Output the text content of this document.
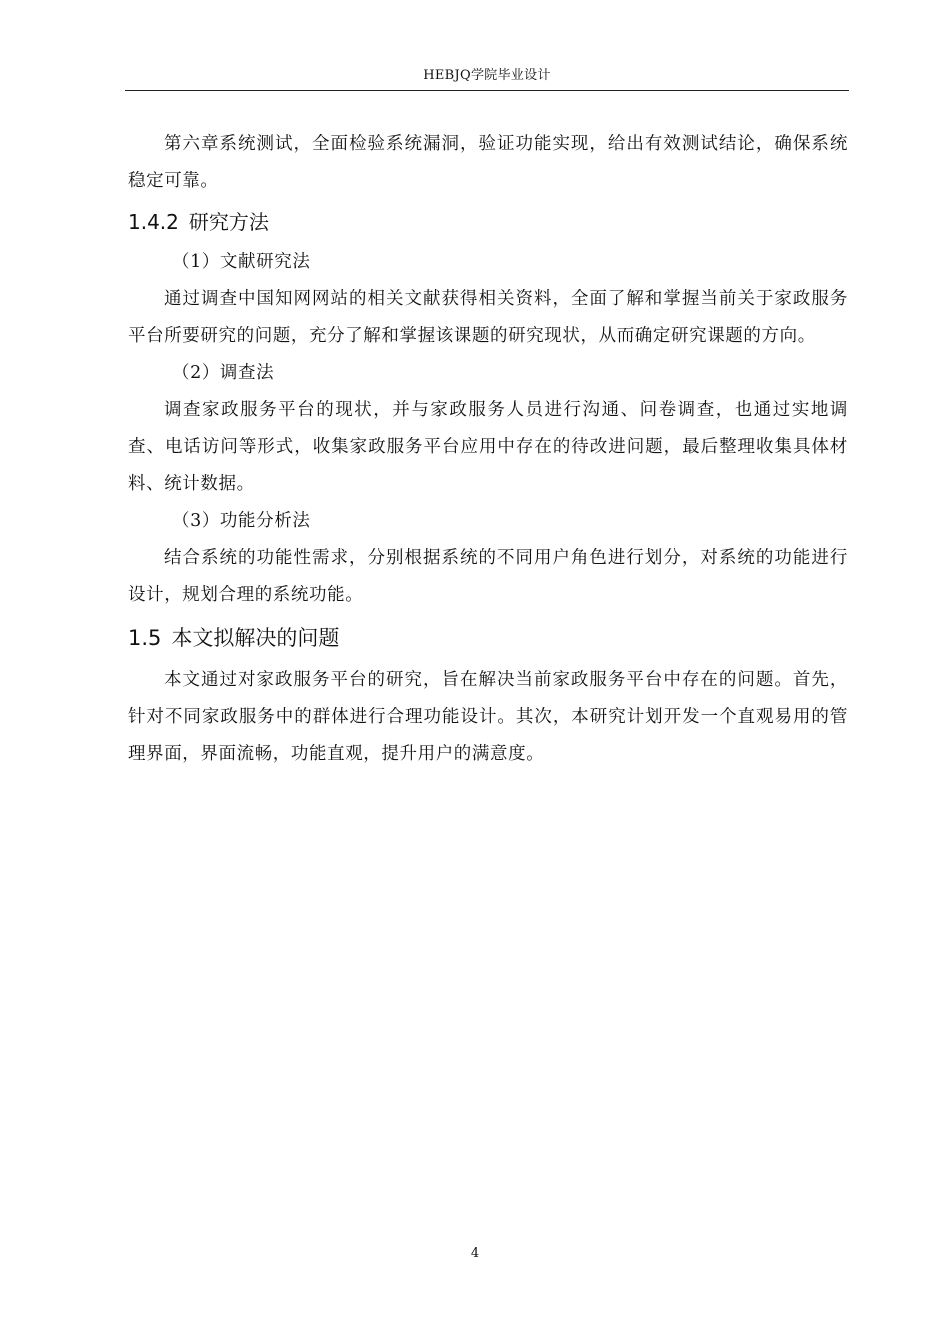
HEBJQ学院毕业设计

第六章系统测试，全面检验系统漏洞，验证功能实现，给出有效测试结论，确保系统稳定可靠。

1.4.2 研究方法

（1）文献研究法

通过调查中国知网网站的相关文献获得相关资料，全面了解和掌握当前关于家政服务平台所要研究的问题，充分了解和掌握该课题的研究现状，从而确定研究课题的方向。

（2）调查法

调查家政服务平台的现状，并与家政服务人员进行沟通、问卷调查，也通过实地调查、电话访问等形式，收集家政服务平台应用中存在的待改进问题，最后整理收集具体材料、统计数据。

（3）功能分析法

结合系统的功能性需求，分别根据系统的不同用户角色进行划分，对系统的功能进行设计，规划合理的系统功能。

1.5 本文拟解决的问题

本文通过对家政服务平台的研究，旨在解决当前家政服务平台中存在的问题。首先，针对不同家政服务中的群体进行合理功能设计。其次，本研究计划开发一个直观易用的管理界面，界面流畅，功能直观，提升用户的满意度。

4
